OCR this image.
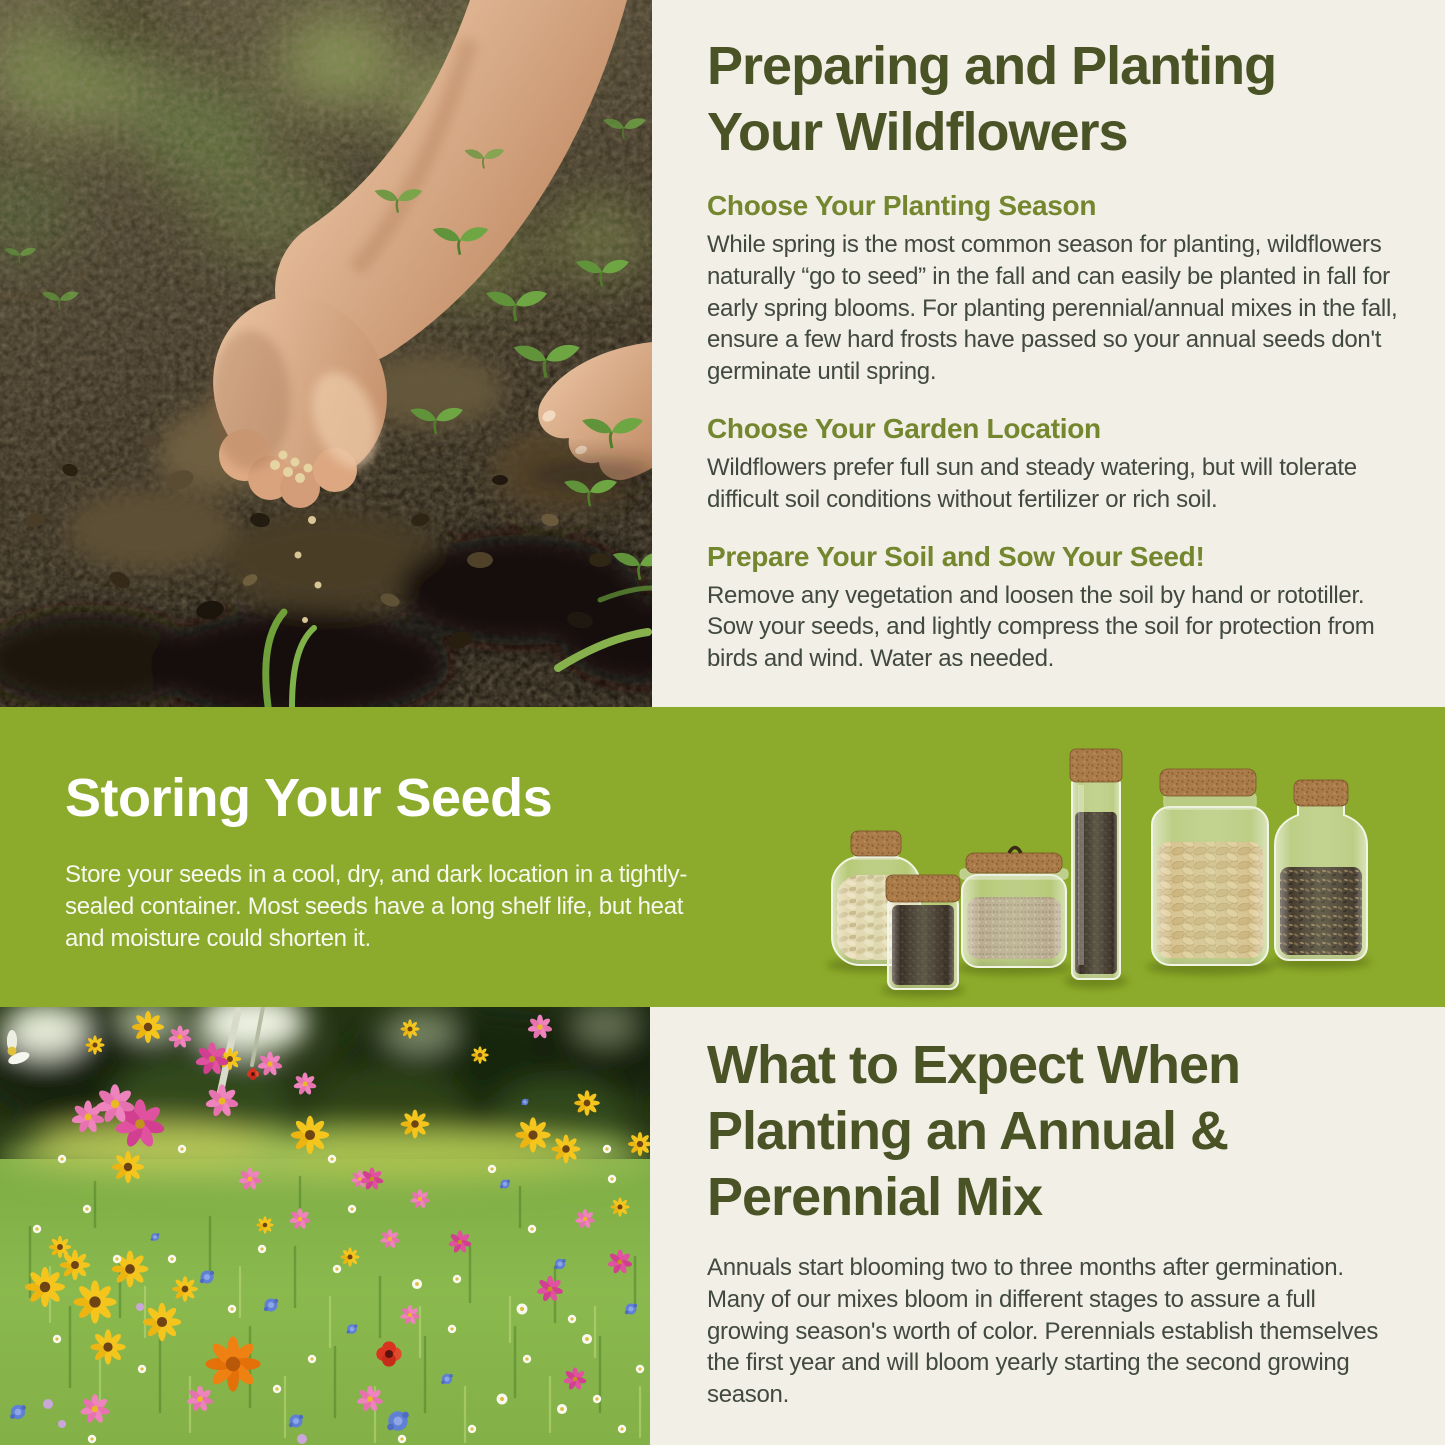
Preparing and Planting Your Wildflowers

Choose Your Planting Season

While spring is the most common season for planting, wildflowers naturally “go to seed” in the fall and can easily be planted in fall for early spring blooms. For planting perennial/annual mixes in the fall, ensure a few hard frosts have passed so your annual seeds don't germinate until spring.

Choose Your Garden Location

Wildflowers prefer full sun and steady watering, but will tolerate difficult soil conditions without fertilizer or rich soil.

Prepare Your Soil and Sow Your Seed!

Remove any vegetation and loosen the soil by hand or rototiller. Sow your seeds, and lightly compress the soil for protection from birds and wind. Water as needed.

Storing Your Seeds

Store your seeds in a cool, dry, and dark location in a tightly-sealed container. Most seeds have a long shelf life, but heat and moisture could shorten it.

What to Expect When Planting an Annual & Perennial Mix

Annuals start blooming two to three months after germination. Many of our mixes bloom in different stages to assure a full growing season's worth of color. Perennials establish themselves the first year and will bloom yearly starting the second growing season.
